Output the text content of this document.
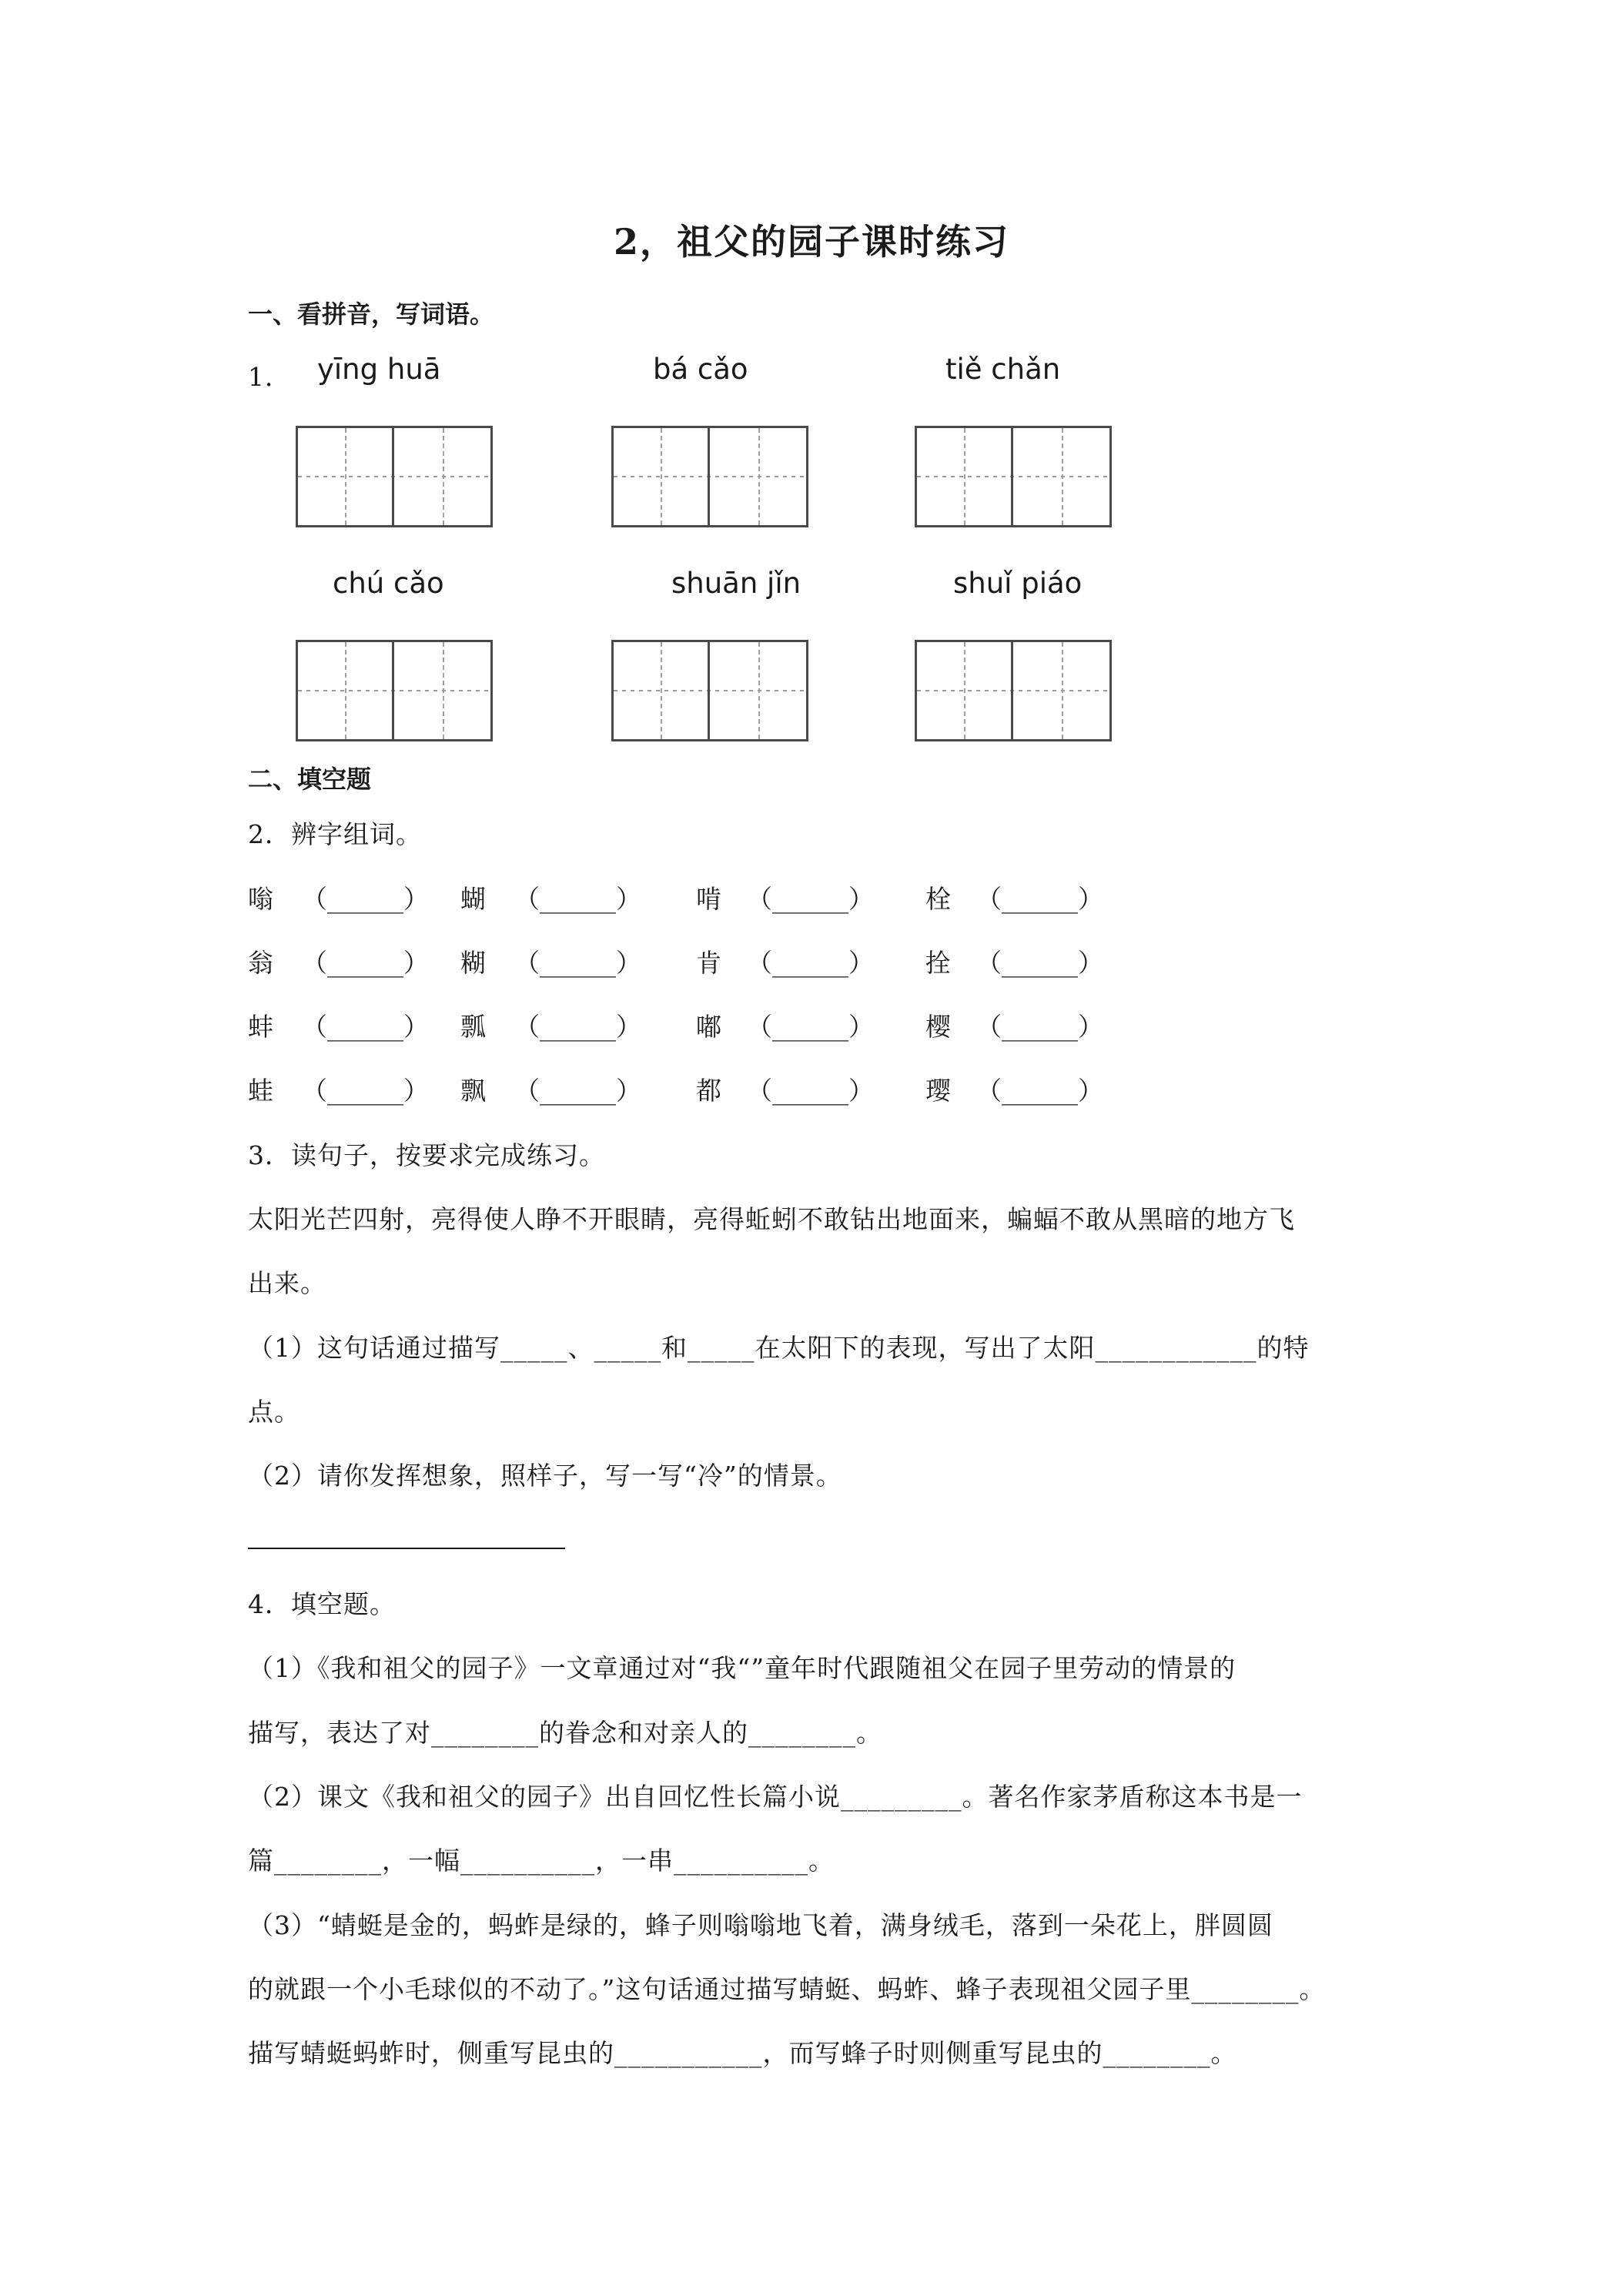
2，祖父的园子课时练习
一、看拼音，写词语。
1． yīng huā	bá cǎo	tiě chǎn
chú cǎo	shuān jǐn	shuǐ piáo
二、填空题
2．辨字组词。
嗡 （______） 蝴 （______） 啃 （______） 栓 （______）
翁 （______） 糊 （______） 肯 （______） 拴 （______）
蚌 （______） 瓢 （______） 嘟 （______） 樱 （______）
蛙 （______） 飘 （______） 都 （______） 璎 （______）
3．读句子，按要求完成练习。
太阳光芒四射，亮得使人睁不开眼睛，亮得蚯蚓不敢钻出地面来，蝙蝠不敢从黑暗的地方飞
出来。
（1）这句话通过描写_____、_____和_____在太阳下的表现，写出了太阳____________的特
点。
（2）请你发挥想象，照样子，写一写“冷”的情景。
4．填空题。
（1）《我和祖父的园子》一文章通过对“我“”童年时代跟随祖父在园子里劳动的情景的
描写，表达了对________的眷念和对亲人的________。
（2）课文《我和祖父的园子》出自回忆性长篇小说_________。著名作家茅盾称这本书是一
篇________，一幅__________，一串__________。
（3）“蜻蜓是金的，蚂蚱是绿的，蜂子则嗡嗡地飞着，满身绒毛，落到一朵花上，胖圆圆
的就跟一个小毛球似的不动了。”这句话通过描写蜻蜓、蚂蚱、蜂子表现祖父园子里________。
描写蜻蜓蚂蚱时，侧重写昆虫的___________，而写蜂子时则侧重写昆虫的________。
